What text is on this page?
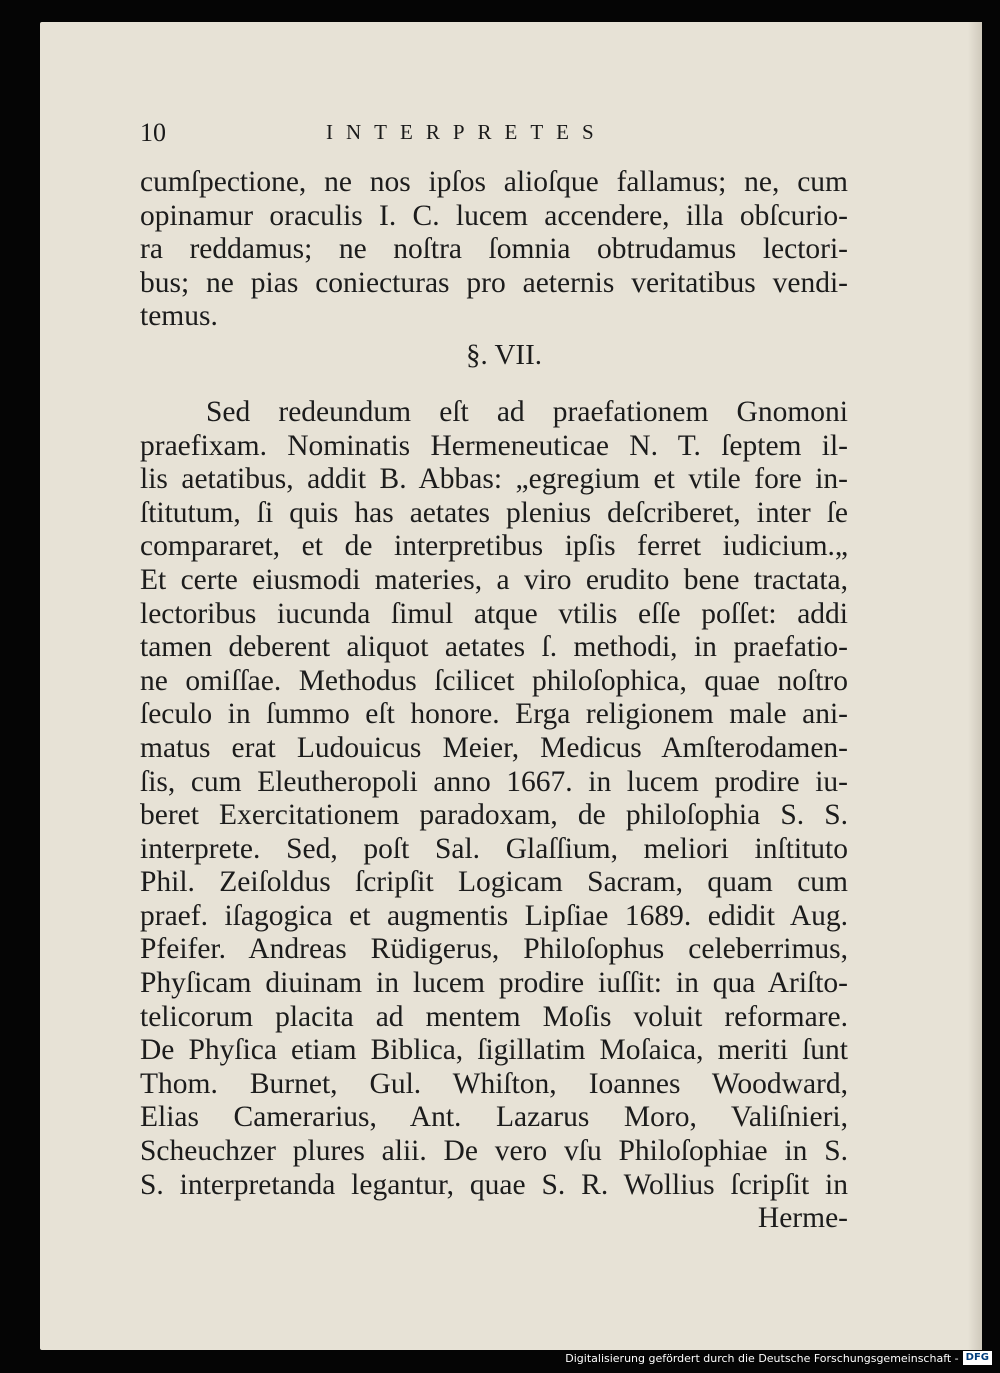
10	INTERPRETES
cumſpectione, ne nos ipſos alioſque fallamus; ne, cum
opinamur oraculis I. C. lucem accendere, illa obſcurio-
ra reddamus; ne noſtra ſomnia obtrudamus lectori-
bus; ne pias coniecturas pro aeternis veritatibus vendi-
temus.
§. VII.
Sed redeundum eſt ad praefationem Gnomoni
praefixam. Nominatis Hermeneuticae N. T. ſeptem il-
lis aetatibus, addit B. Abbas: „egregium et vtile fore in-
ſtitutum, ſi quis has aetates plenius deſcriberet, inter ſe
compararet, et de interpretibus ipſis ferret iudicium.„
Et certe eiusmodi materies, a viro erudito bene tractata,
lectoribus iucunda ſimul atque vtilis eſſe poſſet: addi
tamen deberent aliquot aetates ſ. methodi, in praefatio-
ne omiſſae. Methodus ſcilicet philoſophica, quae noſtro
ſeculo in ſummo eſt honore. Erga religionem male ani-
matus erat Ludouicus Meier, Medicus Amſterodamen-
ſis, cum Eleutheropoli anno 1667. in lucem prodire iu-
beret Exercitationem paradoxam, de philoſophia S. S.
interprete. Sed, poſt Sal. Glaſſium, meliori inſtituto
Phil. Zeiſoldus ſcripſit Logicam Sacram, quam cum
praef. iſagogica et augmentis Lipſiae 1689. edidit Aug.
Pfeifer. Andreas Rüdigerus, Philoſophus celeberrimus,
Phyſicam diuinam in lucem prodire iuſſit: in qua Ariſto-
telicorum placita ad mentem Moſis voluit reformare.
De Phyſica etiam Biblica, ſigillatim Moſaica, meriti ſunt
Thom. Burnet, Gul. Whiſton, Ioannes Woodward,
Elias Camerarius, Ant. Lazarus Moro, Valiſnieri,
Scheuchzer plures alii. De vero vſu Philoſophiae in S.
S. interpretanda legantur, quae S. R. Wollius ſcripſit in
Herme-
Digitalisierung gefördert durch die Deutsche Forschungsgemeinschaft - DFG
